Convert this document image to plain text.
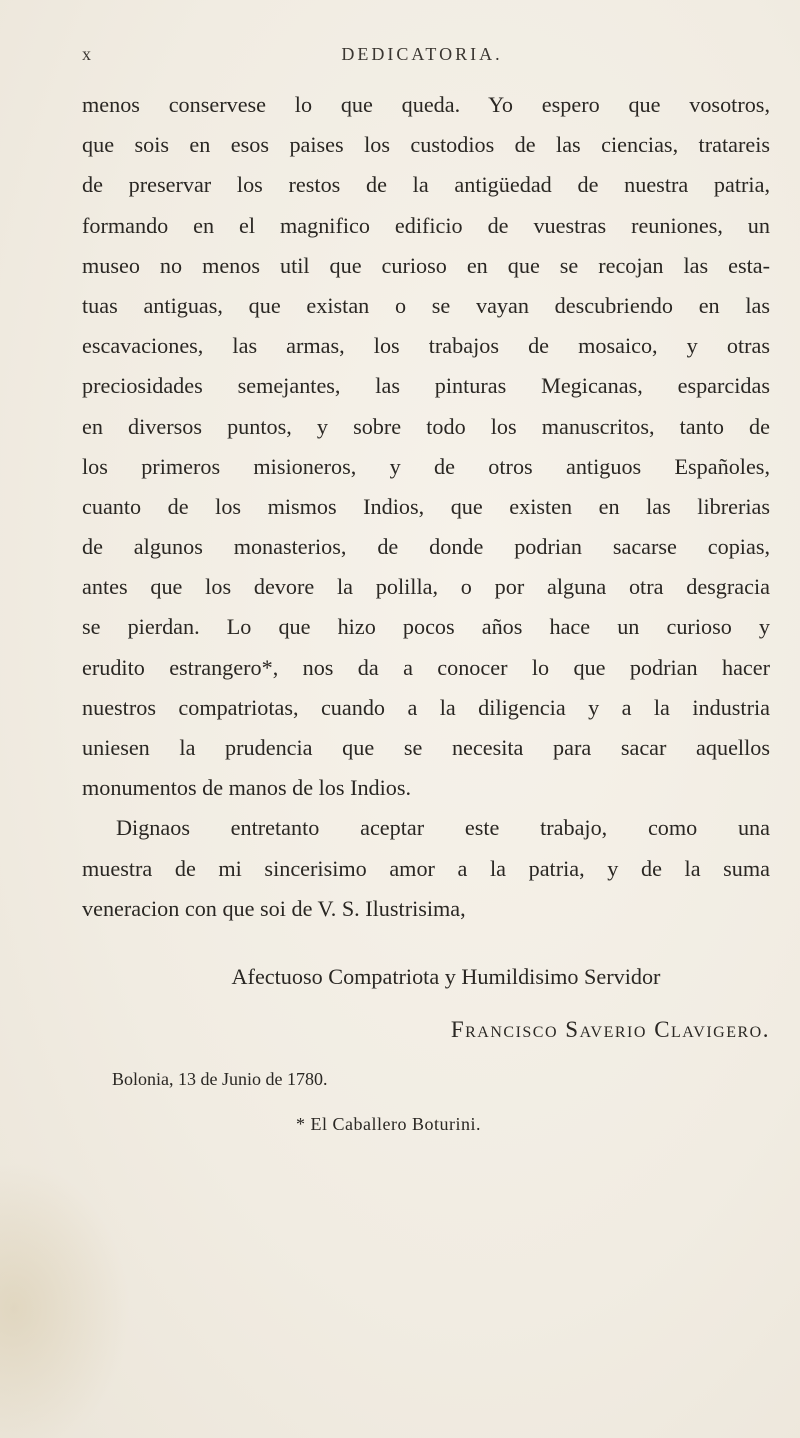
x	DEDICATORIA.
menos conservese lo que queda. Yo espero que vosotros,
que sois en esos paises los custodios de las ciencias, tratareis
de preservar los restos de la antigüedad de nuestra patria,
formando en el magnifico edificio de vuestras reuniones, un
museo no menos util que curioso en que se recojan las esta-
tuas antiguas, que existan o se vayan descubriendo en las
escavaciones, las armas, los trabajos de mosaico, y otras
preciosidades semejantes, las pinturas Megicanas, esparcidas
en diversos puntos, y sobre todo los manuscritos, tanto de
los primeros misioneros, y de otros antiguos Españoles,
cuanto de los mismos Indios, que existen en las librerias
de algunos monasterios, de donde podrian sacarse copias,
antes que los devore la polilla, o por alguna otra desgracia
se pierdan. Lo que hizo pocos años hace un curioso y
erudito estrangero*, nos da a conocer lo que podrian hacer
nuestros compatriotas, cuando a la diligencia y a la industria
uniesen la prudencia que se necesita para sacar aquellos
monumentos de manos de los Indios.
Dignaos entretanto aceptar este trabajo, como una
muestra de mi sincerisimo amor a la patria, y de la suma
veneracion con que soi de V. S. Ilustrisima,
Afectuoso Compatriota y Humildisimo Servidor
Francisco Saverio Clavigero.
Bolonia, 13 de Junio de 1780.
* El Caballero Boturini.
